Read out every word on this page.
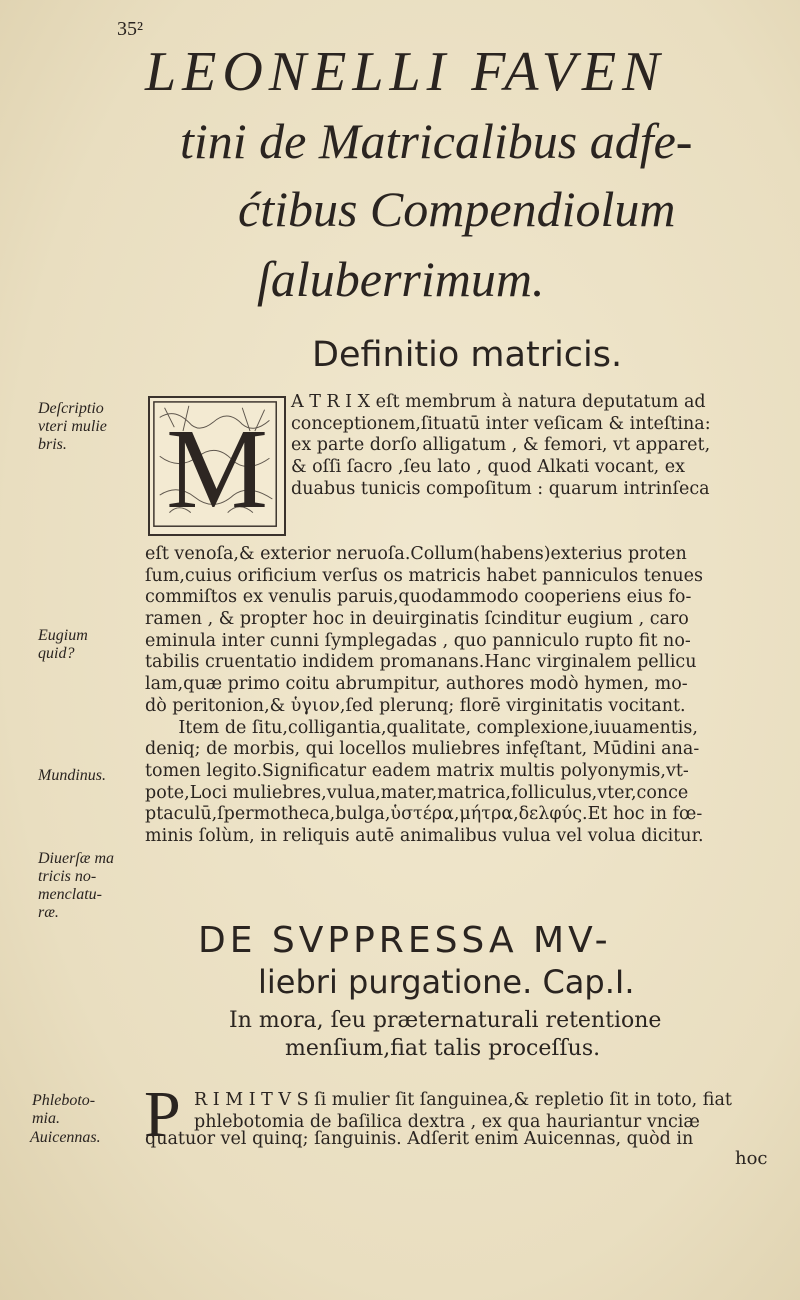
35²
LEONELLI FAVEN
tini de Matricalibus adfe-
ćtibus Compendiolum
ſaluberrimum.
Definitio matricis.
Deſcriptio
vteri mulie
bris.
Eugium
quid?
Mundinus.
Diuerſæ ma
tricis no-
menclatu-
ræ.
Phleboto-
mia.
Auicennas.
M
A T R I X eſt membrum à natura deputatum ad
conceptionem,ſituatū inter veſicam & inteſtina:
ex parte dorſo alligatum , & femori, vt apparet,
& oſſi ſacro ,ſeu lato , quod Alkati vocant, ex
duabus tunicis compoſitum : quarum intrinſeca
eſt venoſa,& exterior neruoſa.Collum(habens)exterius proten
ſum,cuius orificium verſus os matricis habet panniculos tenues
commiſtos ex venulis paruis,quodammodo cooperiens eius fo-
ramen , & propter hoc in deuirginatis ſcinditur eugium , caro
eminula inter cunni ſymplegadas , quo panniculo rupto fit no-
tabilis cruentatio indidem promanans.Hanc virginalem pellicu
lam,quæ primo coitu abrumpitur, authores modò hymen, mo-
dò peritonion,& ὑγιον,ſed plerunq; florē virginitatis vocitant.
Item de ſitu,colligantia,qualitate, complexione,iuuamentis,
deniq; de morbis, qui locellos muliebres infęſtant, Mūdini ana-
tomen legito.Significatur eadem matrix multis polyonymis,vt-
pote,Loci muliebres,vulua,mater,matrica,folliculus,vter,conce
ptaculū,ſpermotheca,bulga,ὑστέρα,μήτρα,δελφύς.Et hoc in fœ-
minis ſolùm, in reliquis autē animalibus vulua vel volua dicitur.
DE SVPPRESSA MV-
liebri purgatione. Cap.I.
In mora, ſeu præternaturali retentione
menſium,fiat talis proceſſus.
P R I M I T V S ſi mulier ſit ſanguinea,& repletio ſit in toto, fiat
phlebotomia de baſilica dextra , ex qua hauriantur vnciæ
quatuor vel quinq; ſanguinis. Adſerit enim Auicennas, quòd in
hoc
